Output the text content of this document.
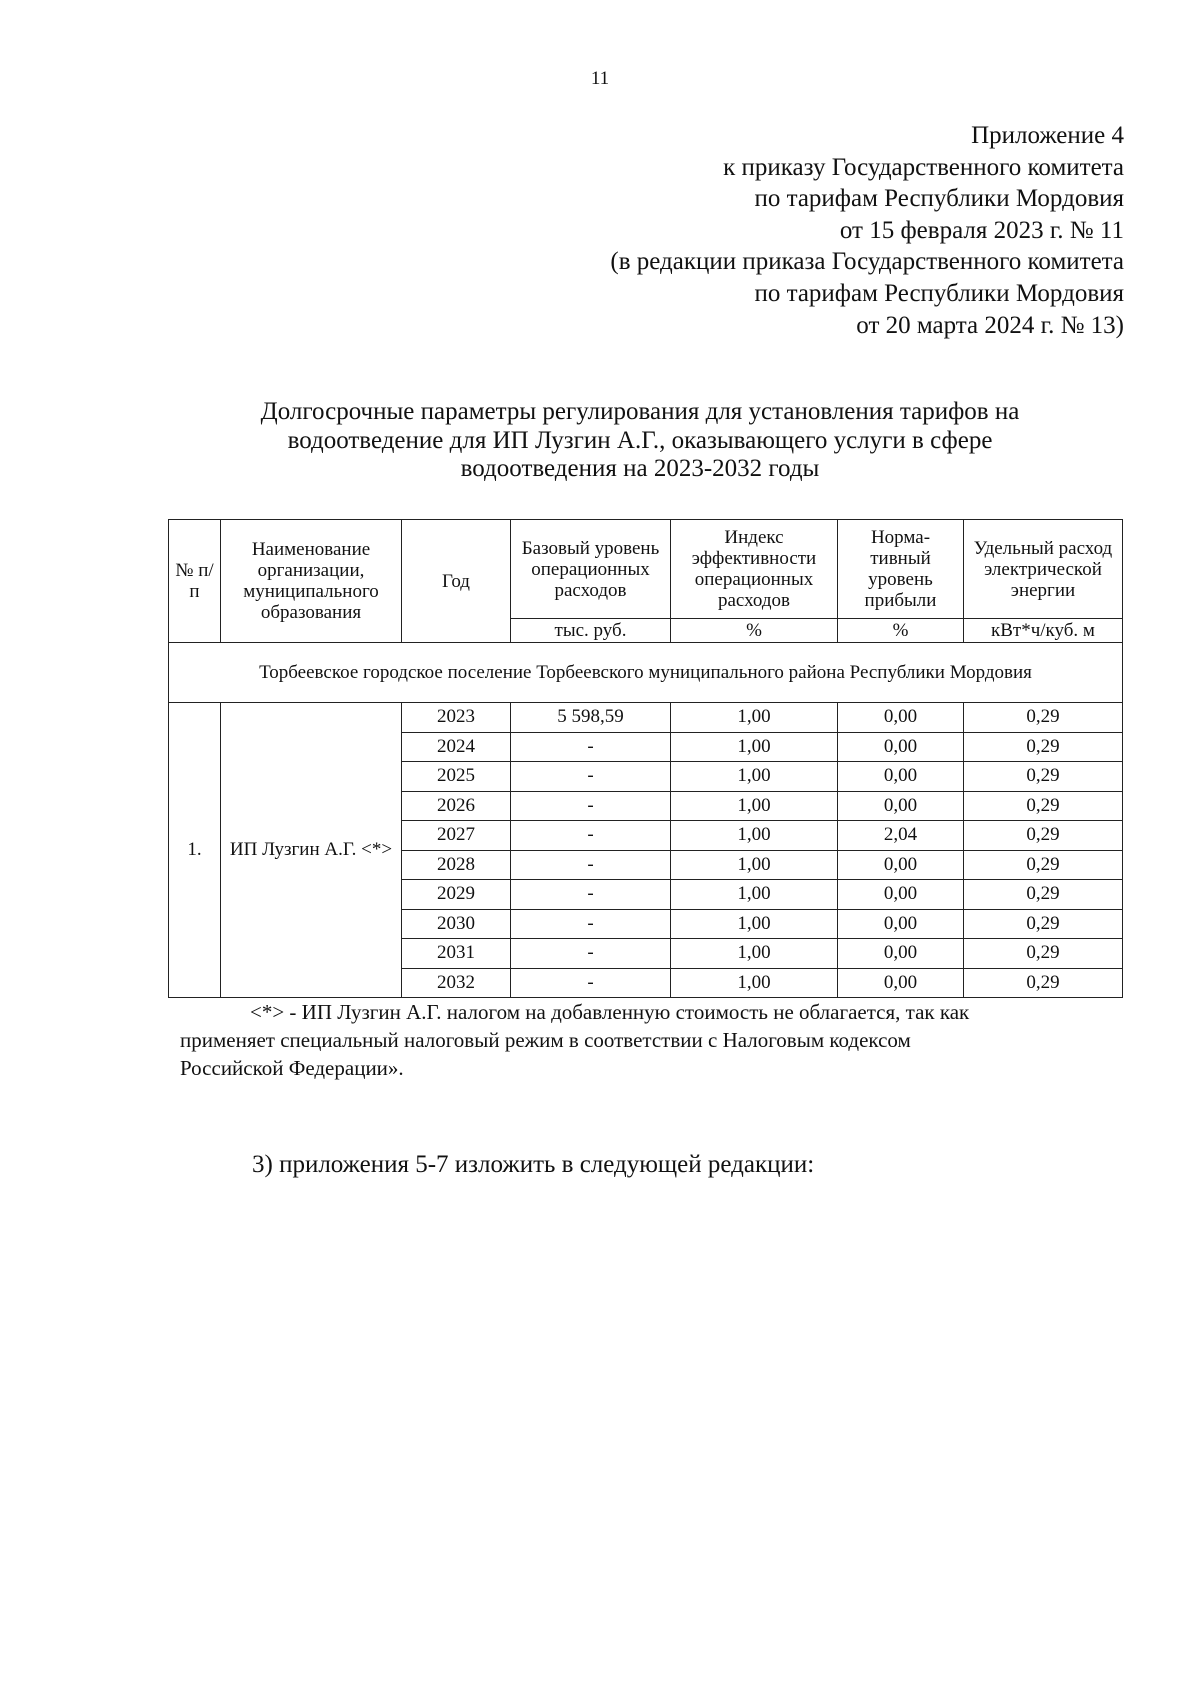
11
Приложение 4
к приказу Государственного комитета
по тарифам Республики Мордовия
от 15 февраля 2023 г. № 11
(в редакции приказа Государственного комитета
по тарифам Республики Мордовия
от 20 марта 2024 г. № 13)
Долгосрочные параметры регулирования для установления тарифов на
водоотведение для ИП Лузгин А.Г., оказывающего услуги в сфере
водоотведения на 2023-2032 годы
№ п/п	Наименование организации, муниципального образования	Год	Базовый уровень операционных расходов	Индекс эффективности операционных расходов	Норма-тивный уровень прибыли	Удельный расход электрической энергии
			тыс. руб.	%	%	кВт*ч/куб. м
Торбеевское городское поселение Торбеевского муниципального района Республики Мордовия						
1.	ИП Лузгин А.Г. <*>	2023	5 598,59	1,00	0,00	0,29
		2024	-	1,00	0,00	0,29
		2025	-	1,00	0,00	0,29
		2026	-	1,00	0,00	0,29
		2027	-	1,00	2,04	0,29
		2028	-	1,00	0,00	0,29
		2029	-	1,00	0,00	0,29
		2030	-	1,00	0,00	0,29
		2031	-	1,00	0,00	0,29
		2032	-	1,00	0,00	0,29

<*> - ИП Лузгин А.Г. налогом на добавленную стоимость не облагается, так как

применяет специальный налоговый режим в соответствии с Налоговым кодексом

Российской Федерации».

3) приложения 5-7 изложить в следующей редакции:
